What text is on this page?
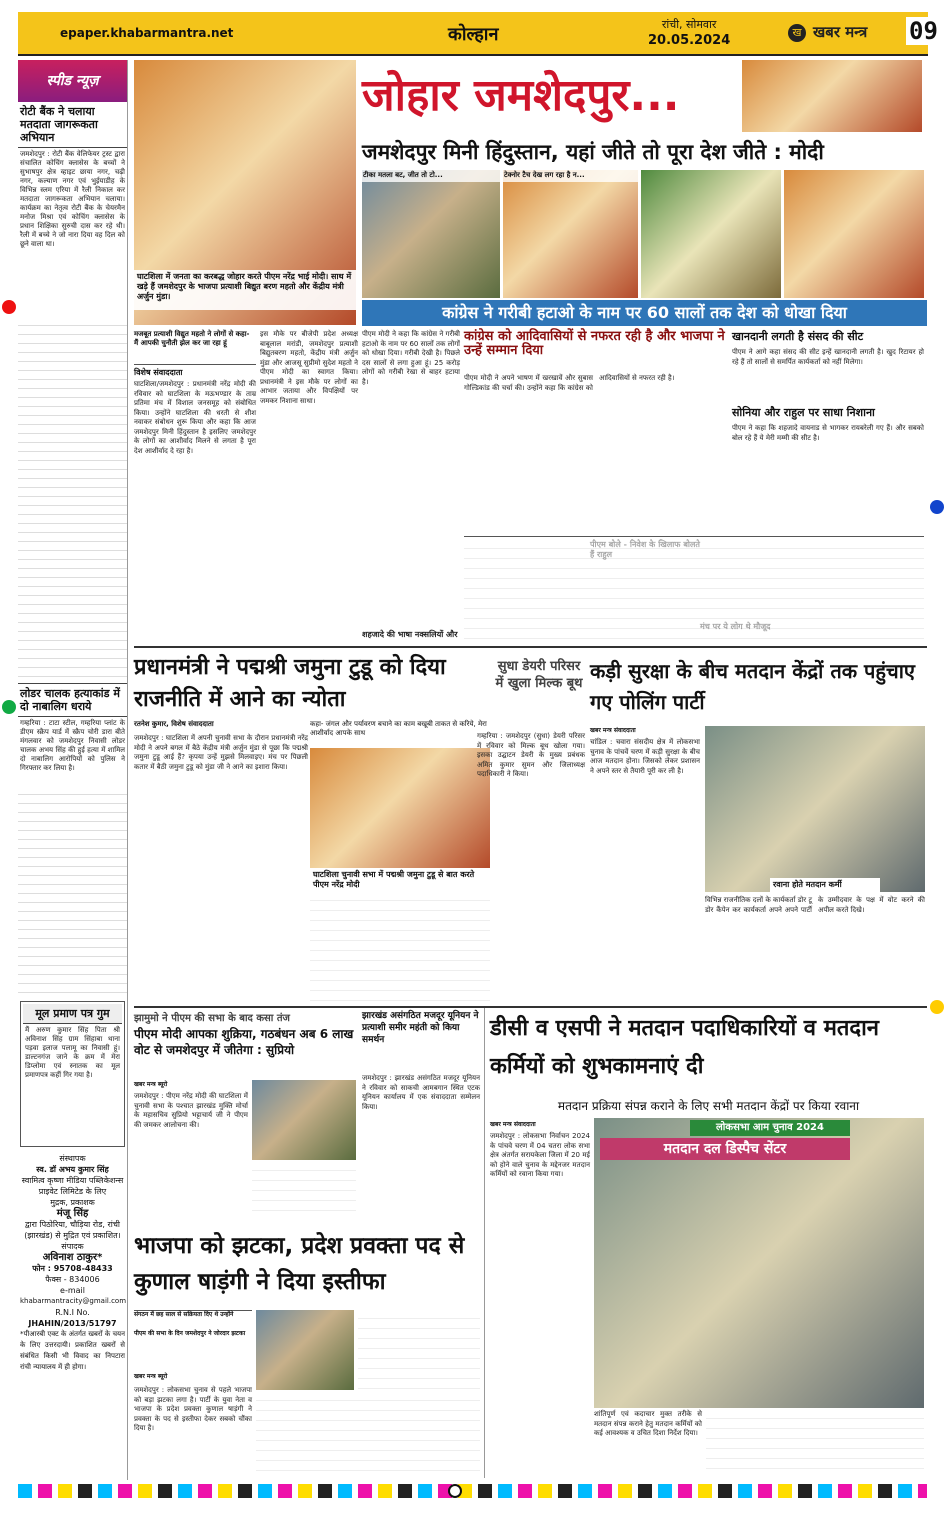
epaper.khabarmantra.net	कोल्हान	रांची, सोमवार
20.05.2024
ख खबर मन्त्र 09
स्पीड न्यूज़
रोटी बैंक ने चलाया मतदाता जागरूकता अभियान
जमशेदपुर : रोटी बैंक वेलिफेयर ट्रस्ट द्वारा संचालित कोचिंग क्लासेस के बच्चों ने सुभाषपुर क्षेत्र व्हाइट छाया नगर, चढ़ी नगर, कल्याण नगर एवं भुईयाडीह के विभिन्न स्लम एरिया में रैली निकाल कर मतदाता जागरूकता अभियान चलाया। कार्यक्रम का नेतृत्व रोटी बैंक के चेयरमैन मनोज मिश्रा एवं कोचिंग क्लासेस के प्रधान शिक्षिका सुरुची दास कर रहे थी। रैली में बच्चे ने जो नारा दिया वह दिल को छूने वाला था।
लोडर चालक हत्याकांड में दो नाबालिग धराये
गम्हरिया : टाटा स्टील, गम्हरिया प्लांट के डीएम स्क्रैप यार्ड में स्क्रैप चोरी डारा बीते मंगलवार को जमशेदपुर निवासी लोडर चालक अभय सिंह की हुई हत्या में शामिल दो नाबालिग आरोपियों को पुलिस ने गिरफ्तार कर लिया है।
मूल प्रमाण पत्र गुम
मैं अरुण कुमार सिंह पिता श्री अविनाश सिंह ग्राम सिंहाबा थाना पड़वा इलाज पलामू का निवासी हूं। डाल्टनगंज जाने के क्रम में मेरा डिप्लोमा एवं स्नातक का मूल प्रमाणपत्र कहीं गिर गया है।
संस्थापक
स्व. डॉ अभय कुमार सिंह
स्वामित्व कृष्णा मीडिया पब्लिकेशन्स प्राइवेट लिमिटेड के लिए
मुद्रक, प्रकाशक
मंजू सिंह
द्वारा पिठोरिया, चौड़िया रोड, रांची (झारखंड) से मुद्रित एवं प्रकाशित।
संपादक
अविनाश ठाकुर*
फोन : 95708-48433
फैक्स - 834006
e-mail
khabarmantracity@gmail.com
R.N.I No.
JHAHIN/2013/51797
*पीआरबी एक्ट के अंतर्गत खबरों के चयन के लिए उत्तरदायी। प्रकाशित खबरों से संबंधित किसी भी विवाद का निपटारा रांची न्यायालय में ही होगा।
घाटशिला में जनता का करबद्ध जोहार करते पीएम नरेंद्र भाई मोदी। साथ में खड़े हैं जमशेदपुर के भाजपा प्रत्याशी बिद्युत बरण महतो और केंद्रीय मंत्री अर्जुन मुंडा।
जोहार जमशेदपुर...
जमशेदपुर मिनी हिंदुस्तान, यहां जीते तो पूरा देश जीते : मोदी
टीका मतला बट, जीत तो टो...	टेक्नोर टैच देख लग रहा है न...
कांग्रेस ने गरीबी हटाओ के नाम पर 60 सालों तक देश को धोखा दिया
मजबूत प्रत्याशी विद्युत महतो ने लोगों से कहा- मैं आपकी चुनौती झेल कर जा रहा हूं
विशेष संवाददाता
घाटशिला/जमशेदपुर : प्रधानमंत्री नरेंद्र मोदी की रविवार को घाटशिला के मऊभण्डार के ताम्र प्रतिमा मंच में विशाल जनसमूह को संबोधित किया। उन्होंने घाटशिला की धरती से शीश नवाकर संबोधन शुरू किया और कहा कि आज जमशेदपुर मिनी हिंदुस्तान है इसलिए जमशेदपुर के लोगों का आशीर्वाद मिलने से लगता है पूरा देश आशीर्वाद दे रहा है।
इस मौके पर बीजेपी प्रदेश अध्यक्ष बाबूलाल मरांडी, जमशेदपुर प्रत्याशी बिद्युतबरण महतो, केंद्रीय मंत्री अर्जुन मुंडा और आजसू सुप्रीमो सुदेश महतो ने पीएम मोदी का स्वागत किया। प्रधानमंत्री ने इस मौके पर लोगों का आभार जताया और विपक्षियों पर जमकर निशाना साधा।
पीएम मोदी ने कहा कि कांग्रेस ने गरीबी हटाओ के नाम पर 60 सालों तक लोगों को धोखा दिया। गरीबी देखी है। पिछले दस सालों से लगा हुआ हूं। 25 करोड़ लोगों को गरीबी रेखा से बाहर हटाया है।
कांग्रेस को आदिवासियों से नफरत रही है और भाजपा ने उन्हें सम्मान दिया
पीएम मोदी ने अपने भाषण में खरखावें और सुबास गोल्डिकांड की चर्चा की। उन्होंने कहा कि कांग्रेस को आदिवासियों से नफरत रही है।
खानदानी लगती है संसद की सीट
पीएम ने आगे कहा संसद की सीट इन्हें खानदानी लगती है। खुद रिटायर हो रहे हैं तो सालों से समर्पित कार्यकर्ता को नहीं मिलेगा।
सोनिया और राहुल पर साधा निशाना
पीएम ने कहा कि शहजादे वायनाड से भागकर रायबरेली गए हैं। और सबको बोल रहे हैं ये मेरी मम्मी की सीट है।
शहजादे की भाषा नक्सलियों और
प्रधानमंत्री ने पद्मश्री जमुना टुडू को दिया राजनीति में आने का न्योता
रतनेश कुमार, विशेष संवाददाता
जमशेदपुर : घाटशिला में अपनी चुनावी सभा के दौरान प्रधानमंत्री नरेंद्र मोदी ने अपने बगल में बैठे केंद्रीय मंत्री अर्जुन मुंडा से पूछा कि पद्मश्री जमुना टुडू आई हैं? कृपया उन्हें मुझसे मिलवाइए। मंच पर पिछली कतार में बैठी जमुना टुडू को मुंडा जी ने आने का इशारा किया।
कहा- जंगल और पर्यावरण बचाने का काम बखूबी ताकत से करिये, मेरा आशीर्वाद आपके साथ
घाटशिला चुनावी सभा में पद्मश्री जमुना टुडू से बात करते पीएम नरेंद्र मोदी
सुधा डेयरी परिसर में खुला मिल्क बूथ
गम्हरिया : जमशेदपुर (सुधा) डेयरी परिसर में रविवार को मिल्क बूथ खोला गया। इसका उद्घाटन डेयरी के मुख्य प्रबंधक अमित कुमार सुमन और जिलाध्यक्ष पदाधिकारी ने किया।
कड़ी सुरक्षा के बीच मतदान केंद्रों तक पहुंचाए गए पोलिंग पार्टी
खबर मन्त्र संवाददाता
चांडिल : चवारा संसदीय क्षेत्र में लोकसभा चुनाव के पांचवें चरण में कड़ी सुरक्षा के बीच आज मतदान होना। जिसको लेकर प्रशासन ने अपने स्तर से तैयारी पूरी कर ली है।
रवाना होते मतदान कर्मी
विभिन्न राजनीतिक दलों के कार्यकर्ता डोर टू डोर कैंपेन कर कार्यकर्ता अपने अपने पार्टी के उम्मीदवार के पक्ष में वोट करने की अपील करते दिखे।
झामुमो ने पीएम की सभा के बाद कसा तंज
पीएम मोदी आपका शुक्रिया, गठबंधन अब 6 लाख वोट से जमशेदपुर में जीतेगा : सुप्रियो
खबर मन्त्र ब्यूरो
जमशेदपुर : पीएम नरेंद्र मोदी की घाटशिला में चुनावी सभा के पश्चात झारखंड मुक्ति मोर्चा के महासचिव सुप्रियो भट्टाचार्य जी ने पीएम की जमकर आलोचना की।
झारखंड असंगठित मजदूर यूनियन ने प्रत्याशी समीर महंती को किया समर्थन
जमशेदपुर : झारखंड असंगठित मजदूर यूनियन ने रविवार को साकची आमबगान स्थित एटक यूनियन कार्यालय में एक संवाददाता सम्मेलन किया।
डीसी व एसपी ने मतदान पदाधिकारियों व मतदान कर्मियों को शुभकामनाएं दी
मतदान प्रक्रिया संपन्न कराने के लिए सभी मतदान केंद्रों पर किया रवाना
खबर मन्त्र संवाददाता
जमशेदपुर : लोकसभा निर्वाचन 2024 के पांचवे चरण में 04 चतरा लोक सभा क्षेत्र अंतर्गत सरायकेला जिला में 20 मई को होने वाले चुनाव के मद्देनजर मतदान कर्मियों को रवाना किया गया।
लोकसभा आम चुनाव 2024
मतदान दल डिस्पैच सेंटर
शांतिपूर्ण एवं कदाचार मुक्त तरीके से मतदान संपन्न कराने हेतु मतदान कर्मियों को कई आवश्यक व उचित दिशा निर्देश दिया।
भाजपा को झटका, प्रदेश प्रवक्ता पद से कुणाल षाड़ंगी ने दिया इस्तीफा
संगठन में छह साल से सक्रियता दिए थे उन्होंने
पीएम की सभा के दिन जमशेदपुर ने जोरदार झटका
खबर मन्त्र ब्यूरो
जमशेदपुर : लोकसभा चुनाव से पहले भाजपा को बड़ा झटका लगा है। पार्टी के युवा नेता व भाजपा के प्रदेश प्रवक्ता कुणाल षाड़ंगी ने प्रवक्ता के पद से इस्तीफा देकर सबको चौंका दिया है।
